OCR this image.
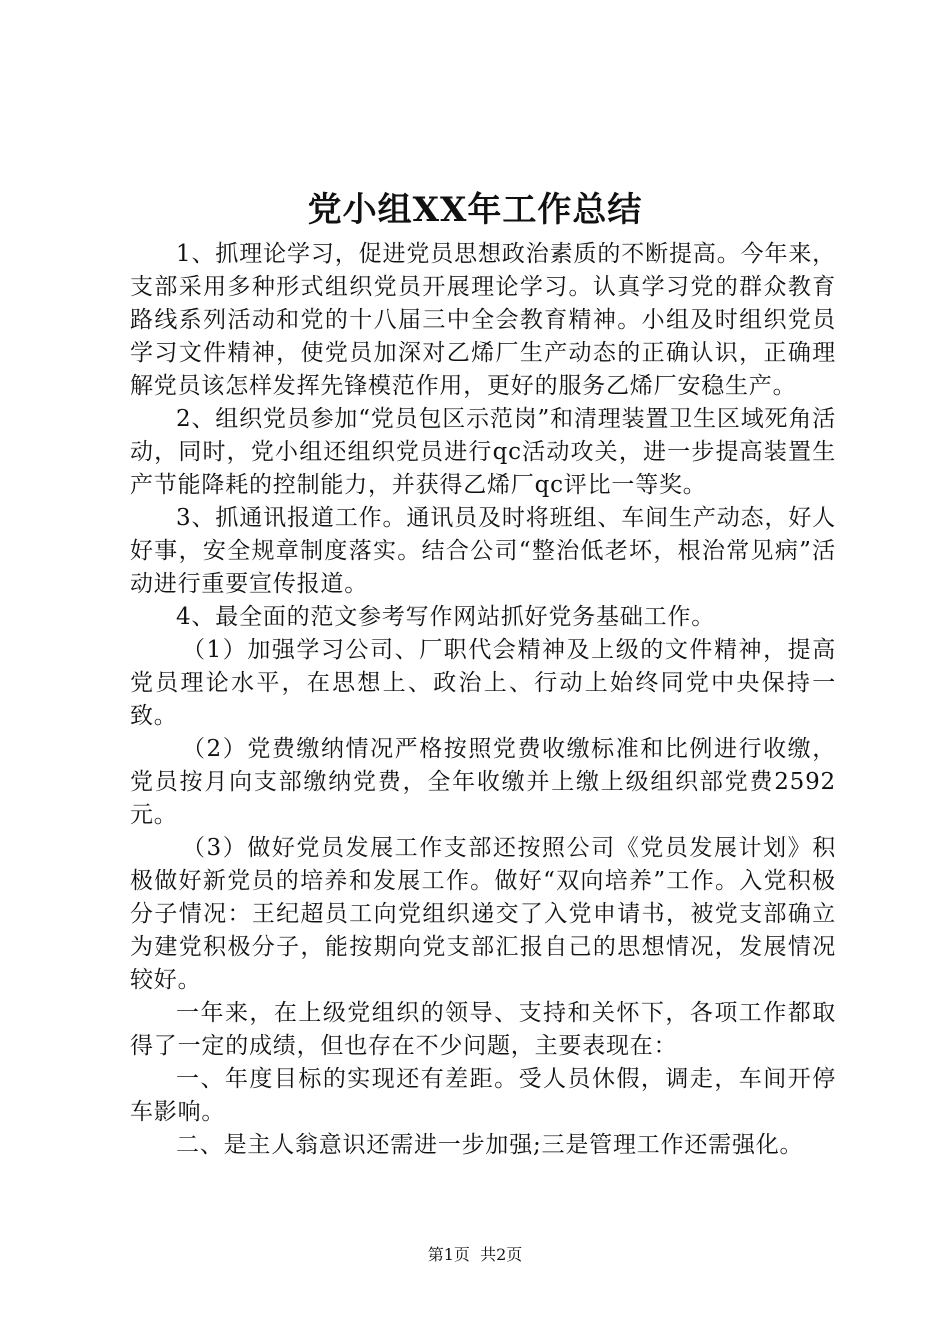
党小组XX年工作总结

1、抓理论学习，促进党员思想政治素质的不断提高。今年来，支部采用多种形式组织党员开展理论学习。认真学习党的群众教育路线系列活动和党的十八届三中全会教育精神。小组及时组织党员学习文件精神，使党员加深对乙烯厂生产动态的正确认识，正确理解党员该怎样发挥先锋模范作用，更好的服务乙烯厂安稳生产。

2、组织党员参加“党员包区示范岗”和清理装置卫生区域死角活动，同时，党小组还组织党员进行qc活动攻关，进一步提高装置生产节能降耗的控制能力，并获得乙烯厂qc评比一等奖。

3、抓通讯报道工作。通讯员及时将班组、车间生产动态，好人好事，安全规章制度落实。结合公司“整治低老坏，根治常见病”活动进行重要宣传报道。

4、最全面的范文参考写作网站抓好党务基础工作。

（1）加强学习公司、厂职代会精神及上级的文件精神，提高党员理论水平，在思想上、政治上、行动上始终同党中央保持一致。

（2）党费缴纳情况严格按照党费收缴标准和比例进行收缴，党员按月向支部缴纳党费，全年收缴并上缴上级组织部党费2592元。

（3）做好党员发展工作支部还按照公司《党员发展计划》积极做好新党员的培养和发展工作。做好“双向培养”工作。入党积极分子情况：王纪超员工向党组织递交了入党申请书，被党支部确立为建党积极分子，能按期向党支部汇报自己的思想情况，发展情况较好。

一年来，在上级党组织的领导、支持和关怀下，各项工作都取得了一定的成绩，但也存在不少问题，主要表现在：

一、年度目标的实现还有差距。受人员休假，调走，车间开停车影响。

二、是主人翁意识还需进一步加强;三是管理工作还需强化。

第1页 共2页
